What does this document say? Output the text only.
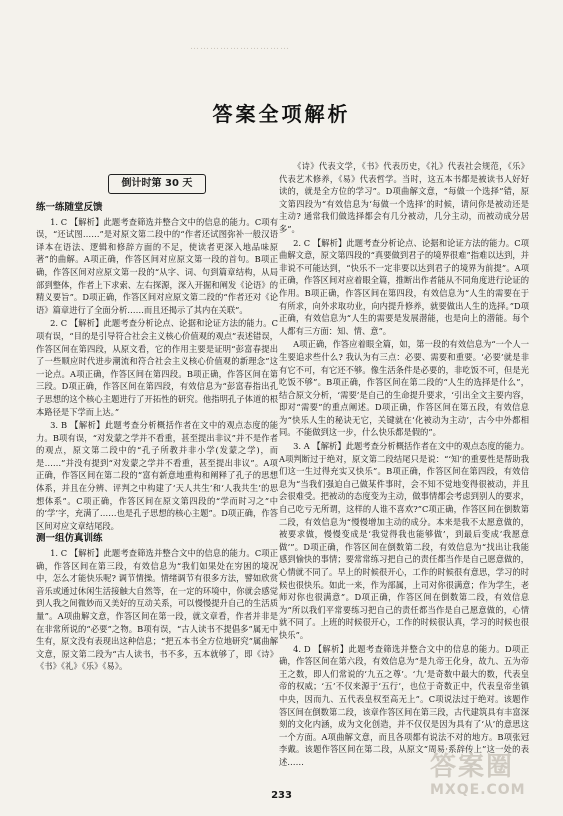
…………………………
答案全项解析
倒计时第 30 天

练一练随堂反馈

1. C 【解析】此题考查筛选并整合文中的信息的能力。C项有误，“还试图……”是对原文第二段中的“作者还试图弥补一般汉语译本在语法、逻辑和修辞方面的不足，使读者更深入地品味原著”的曲解。A项正确，作答区间对应原文第一段的首句。B项正确，作答区间对应原文第一段的“从字、词、句到篇章结构，从局部到整体，作者上下求索、左右探源，深入开掘和阐发《论语》的精义要旨”。D项正确，作答区间对应原文第二段的“作者还对《论语》篇章进行了全面分析……而且还揭示了其内在关联”。

2. C 【解析】此题考查分析论点、论据和论证方法的能力。C项有误，“目的是引导符合社会主义核心价值观的观点”表述错误，作答区间在第四段，从原文看，它的作用主要是证明“彭富春提出了一些顺应时代进步潮流和符合社会主义核心价值观的新理念”这一论点。A项正确，作答区间在第四段。B项正确，作答区间在第三段。D项正确，作答区间在第四段，有效信息为“彭富春指出孔子思想的这个核心主题进行了开拓性的研究。他指明孔子体道的根本路径是下学而上达。”

3. B 【解析】此题考查分析概括作者在文中的观点态度的能力。B项有误，“对发蒙之学并不看重，甚至提出非议”并不是作者的观点，原文第二段中的“孔子所教并非小学(发蒙之学)，而是……”并没有提到“对发蒙之学并不看重，甚至提出非议”。A项正确，作答区间在第二段的“富有新意地重构和阐释了孔子的思想体系，并且在分辨、评判之中构建了‘天人共生’和‘人我共生’的思想体系”。C项正确，作答区间在原文第四段的“学而时习之”中的‘学’字，充满了……也是孔子思想的核心主题”。D项正确，作答区间对应文章结尾段。

测一组仿真训练

1. C 【解析】此题考查筛选并整合文中的信息的能力。C项正确，作答区间在第三段，有效信息为“我们如果处在穷困的境况中，怎么才能快乐呢? 调节情操。情绪调节有很多方法，譬如欣赏音乐或通过休闲生活接触大自然等，在一定的环境中，你就会感觉到人我之间微妙而又美好的互动关系，可以慢慢提升自己的生活质量”。A项曲解文意，作答区间在第一段，就文章看，作者并非是在非常所说的“必要”之物。B项有误，“古人读书不提倡多”属无中生有，原文没有表现出这种信息；“把五本书全方位地研究”属曲解文意，原文第二段为“古人读书，书不多，五本就够了，即《诗》《书》《礼》《乐》《易》。

《诗》代表文学，《书》代表历史，《礼》代表社会规范，《乐》代表艺术修养，《易》代表哲学。当时，这五本书都是被读书人好好读的，就是全方位的学习”。D项曲解文意，“每做一个选择”错，原文第四段为“有效信息为‘每做一个选择’的时候，请问你是被动还是主动? 通常我们做选择都会有几分被动，几分主动，而被动成分居多”。

2. C 【解析】此题考查分析论点、论据和论证方法的能力。C项曲解文意，原文第四段的“真要做到君子的境界很难”指难以达到，并非说不可能达到，“快乐不一定非要以达到君子的境界为前提”。A项正确，作答区间对应着眼全篇，推断出作者能从不同角度进行论证的作用。B项正确，作答区间在第四段，有效信息为“人生的需要在于有所求，向外求取功业，向内提升修养，就要做出人生的选择。”D项正确，有效信息为“人生的需要是发展潜能，也是向上的潜能。每个人都有三方面：知、情、意”。

A项正确，作答应着眼全篇，如，第一段的有效信息为“一个人一生要追求些什么? 我认为有三点：必要、需要和重要。‘必要’就是非有它不可，有它还不够。像生活条件是必要的，非吃饭不可，但是光吃饭不够”。B项正确，作答区间在第二段的“人生的选择是什么”，结合原文分析，‘需要’是自己的生命提升要求，‘引出全文主要内容，即对“需要”的重点阐述。D项正确，作答区间在第五段，有效信息为“快乐人生的秘诀无它，关键就在‘化被动为主动’，古今中外都相同。不能做到这一步，什么快乐都是假的”。

3. A 【解析】此题考查分析概括作者在文中的观点态度的能力。A项判断过于绝对，原文第二段结尾只是说：“‘知’的重要性是帮助我们这一生过得充实又快乐”。B项正确，作答区间在第四段，有效信息为“当我们强迫自己做某件事时，会不知不觉地变得很被动，并且会很难受。把被动的态度变为主动，做事情都会考虑到别人的要求，自己吃亏无所谓，这样的人谁不喜欢?”C项正确，作答区间在倒数第二段，有效信息为“慢慢增加主动的成分。本来是我不太愿意做的，被要求做，慢慢变成是‘我觉得我也能够做’，到最后变成‘我愿意做’”。D项正确，作答区间在倒数第二段，有效信息为“找出让我能感到愉快的事情；要常常练习把自己的责任都当作是自己愿意做的，心情就不同了。早上的时候很开心，工作的时候很有意思，学习的时候也很快乐。如此一来，作为部属，上司对你很满意；作为学生，老师对你也很满意”。D项正确，作答区间在倒数第二段，有效信息为“所以我们平常要练习把自己的责任都当作是自己愿意做的，心情就不同了。上班的时候很开心，工作的时候很认真，学习的时候也很快乐”。

4. D 【解析】此题考查筛选并整合文中的信息的能力。D项正确，作答区间在第六段，有效信息为“是九帝王化身，故九、五为帝王之数，即人们常说的‘九五之尊’。‘九’是奇数中最大的数，代表皇帝的权威；‘五’不仅来源于‘五行’，也位于奇数正中，代表皇帝坐镇中央，因而九、五代表皇权至高无上”。C项说法过于绝对。该题作答区间在倒数第二段，该章作答区间在第三段，古代建筑具有丰富深刻的文化内涵，成为文化创造，并不仅仅是因为具有了‘从’的意思这一个方面。A项曲解文意，而且各项都有说法不对的地方。B项张冠李戴。该题作答区间在第二段，从原文“周易·系辞传上”这一处的表述……

233
答案圈
MXQE.COM
